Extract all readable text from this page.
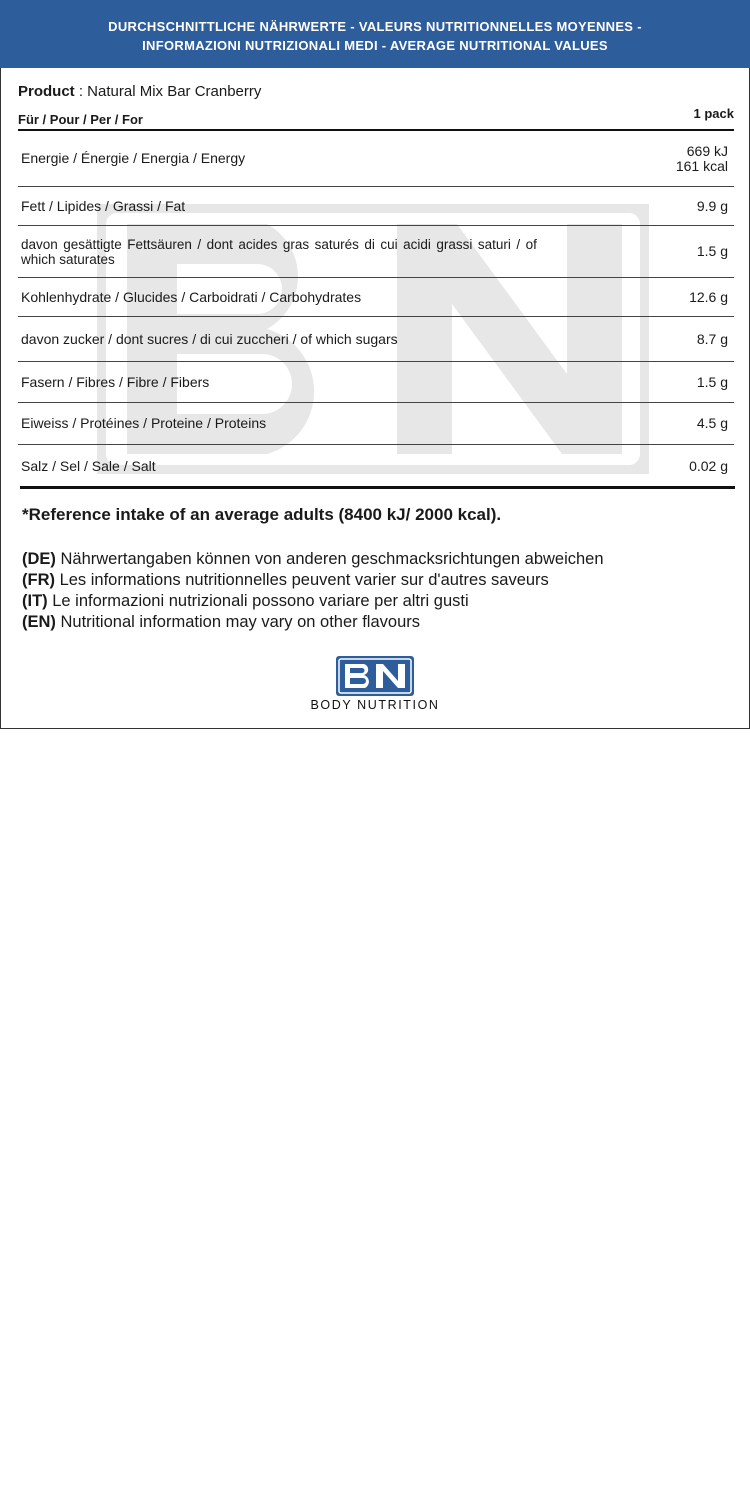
DURCHSCHNITTLICHE NÄHRWERTE - VALEURS NUTRITIONNELLES MOYENNES -
INFORMAZIONI NUTRIZIONALI MEDI - AVERAGE NUTRITIONAL VALUES
Product : Natural Mix Bar Cranberry
Für / Pour / Per / For	1 pack
Energie / Énergie / Energia / Energy	669 kJ
161 kcal
Fett / Lipides / Grassi / Fat	9.9 g
davon gesättigte Fettsäuren / dont acides gras saturés di cui acidi grassi saturi / of which saturates	1.5 g
Kohlenhydrate / Glucides / Carboidrati / Carbohydrates	12.6 g
davon zucker / dont sucres / di cui zuccheri / of which sugars	8.7 g
Fasern / Fibres / Fibre / Fibers	1.5 g
Eiweiss / Protéines / Proteine / Proteins	4.5 g
Salz / Sel / Sale / Salt	0.02 g
*Reference intake of an average adults (8400 kJ/ 2000 kcal).
(DE) Nährwertangaben können von anderen geschmacksrichtungen abweichen
(FR) Les informations nutritionnelles peuvent varier sur d'autres saveurs
(IT) Le informazioni nutrizionali possono variare per altri gusti
(EN) Nutritional information may vary on other flavours
BODY NUTRITION
